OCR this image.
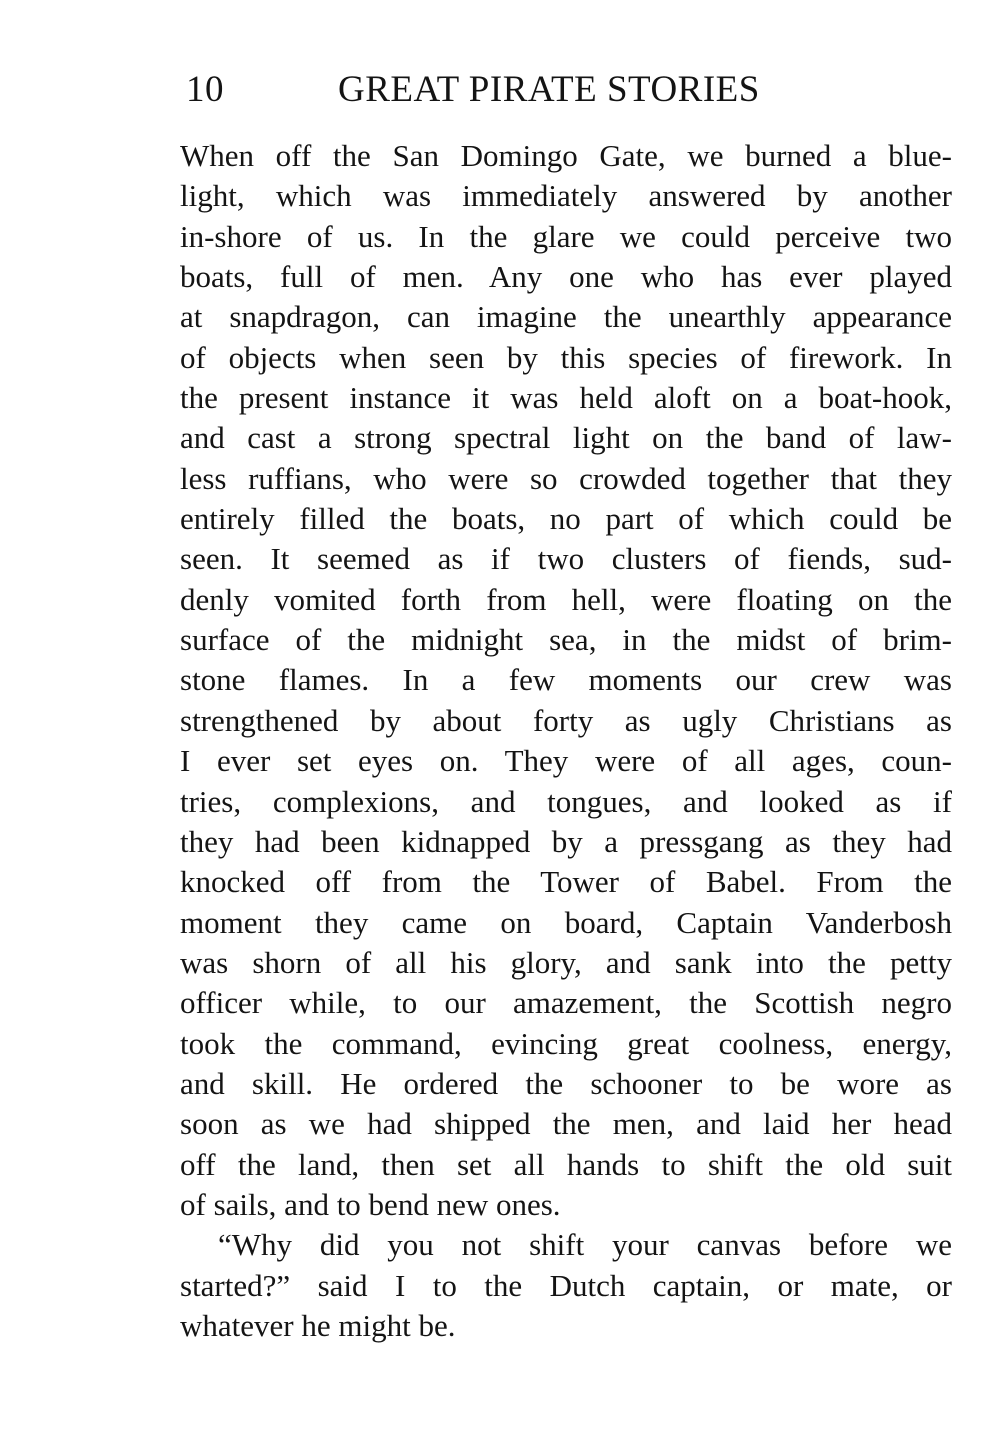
10	GREAT PIRATE STORIES
When off the San Domingo Gate, we burned a blue-
light, which was immediately answered by another
in-shore of us. In the glare we could perceive two
boats, full of men. Any one who has ever played
at snapdragon, can imagine the unearthly appearance
of objects when seen by this species of firework. In
the present instance it was held aloft on a boat-hook,
and cast a strong spectral light on the band of law-
less ruffians, who were so crowded together that they
entirely filled the boats, no part of which could be
seen. It seemed as if two clusters of fiends, sud-
denly vomited forth from hell, were floating on the
surface of the midnight sea, in the midst of brim-
stone flames. In a few moments our crew was
strengthened by about forty as ugly Christians as
I ever set eyes on. They were of all ages, coun-
tries, complexions, and tongues, and looked as if
they had been kidnapped by a pressgang as they had
knocked off from the Tower of Babel. From the
moment they came on board, Captain Vanderbosh
was shorn of all his glory, and sank into the petty
officer while, to our amazement, the Scottish negro
took the command, evincing great coolness, energy,
and skill. He ordered the schooner to be wore as
soon as we had shipped the men, and laid her head
off the land, then set all hands to shift the old suit
of sails, and to bend new ones.
“Why did you not shift your canvas before we
started?” said I to the Dutch captain, or mate, or
whatever he might be.
